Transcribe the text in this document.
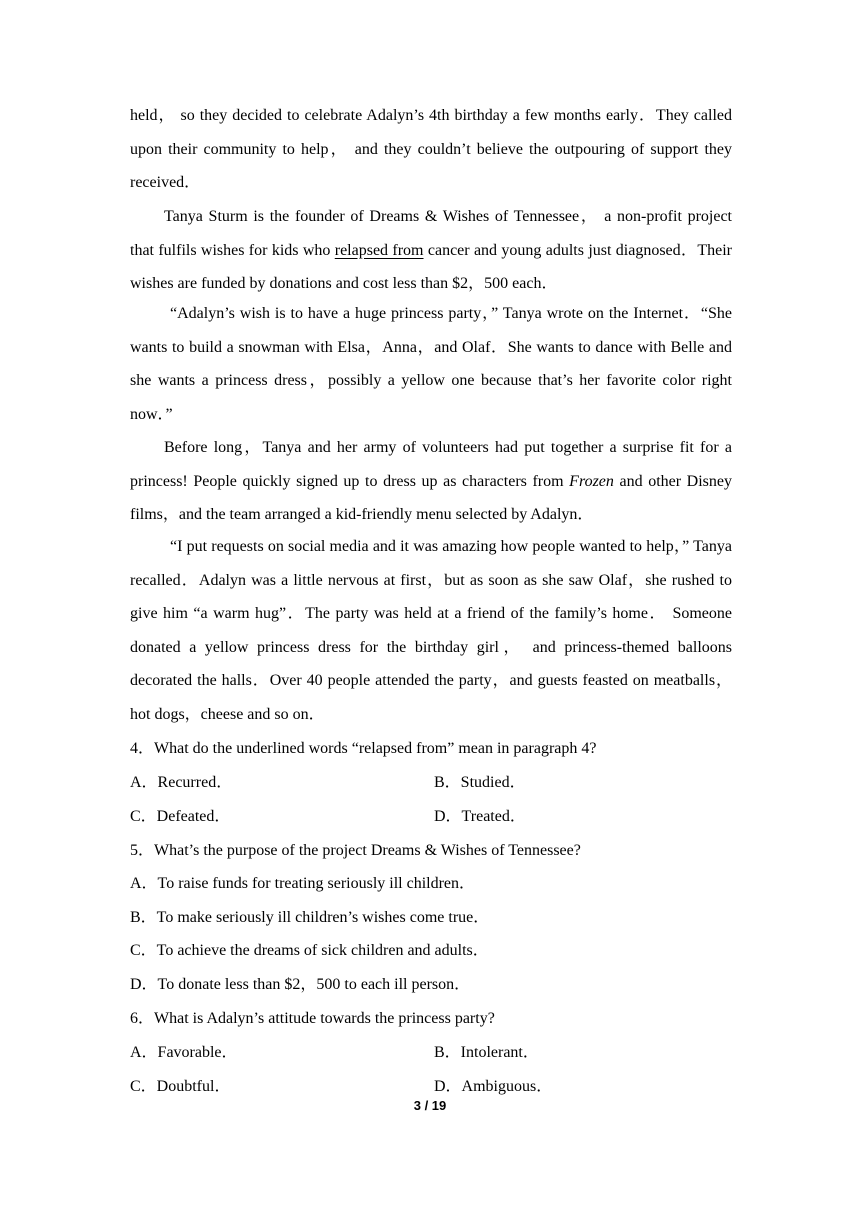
held， so they decided to celebrate Adalyn’s 4th birthday a few months early．They called upon their community to help， and they couldn’t believe the outpouring of support they received．

Tanya Sturm is the founder of Dreams & Wishes of Tennessee， a non-profit project that fulfils wishes for kids who relapsed from cancer and young adults just diagnosed．Their wishes are funded by donations and cost less than $2，500 each．

“Adalyn’s wish is to have a huge princess party，” Tanya wrote on the Internet．“She wants to build a snowman with Elsa，Anna，and Olaf．She wants to dance with Belle and she wants a princess dress，possibly a yellow one because that’s her favorite color right now．”

Before long，Tanya and her army of volunteers had put together a surprise fit for a princess! People quickly signed up to dress up as characters from Frozen and other Disney films，and the team arranged a kid-friendly menu selected by Adalyn．

“I put requests on social media and it was amazing how people wanted to help，” Tanya recalled．Adalyn was a little nervous at first，but as soon as she saw Olaf，she rushed to give him “a warm hug”．The party was held at a friend of the family’s home． Someone donated a yellow princess dress for the birthday girl， and princess-themed balloons decorated the halls．Over 40 people attended the party，and guests feasted on meatballs，hot dogs，cheese and so on．

4．What do the underlined words “relapsed from” mean in paragraph 4?
A．Recurred．	B．Studied．
C．Defeated．	D．Treated．
5．What’s the purpose of the project Dreams & Wishes of Tennessee?
A．To raise funds for treating seriously ill children．
B．To make seriously ill children’s wishes come true．
C．To achieve the dreams of sick children and adults．
D．To donate less than $2，500 to each ill person．
6．What is Adalyn’s attitude towards the princess party?
A．Favorable．	B．Intolerant．
C．Doubtful．	D．Ambiguous．
3 / 19
